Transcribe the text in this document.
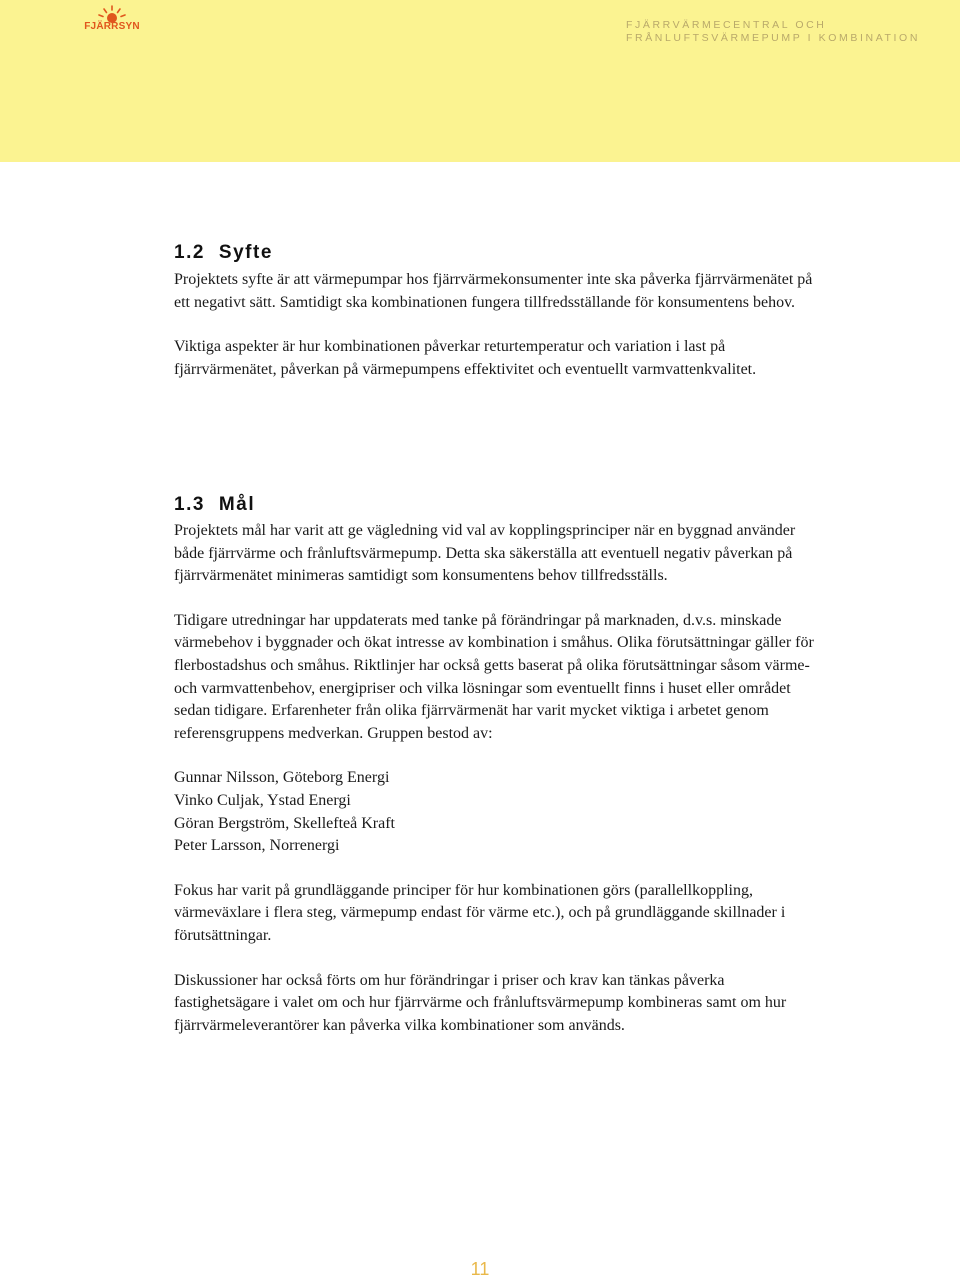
FJÄRRSYN	FJÄRRVÄRMECENTRAL OCH
FRÅNLUFTSVÄRMEPUMP I KOMBINATION
1.2 Syfte

Projektets syfte är att värmepumpar hos fjärrvärmekonsumenter inte ska påverka fjärrvärmenätet på ett negativt sätt. Samtidigt ska kombinationen fungera tillfredsställande för konsumentens behov.

Viktiga aspekter är hur kombinationen påverkar returtemperatur och variation i last på fjärrvärmenätet, påverkan på värmepumpens effektivitet och eventuellt varmvattenkvalitet.

1.3 Mål

Projektets mål har varit att ge vägledning vid val av kopplingsprinciper när en byggnad använder både fjärrvärme och frånluftsvärmepump. Detta ska säkerställa att eventuell negativ påverkan på fjärrvärmenätet minimeras samtidigt som konsumentens behov tillfredsställs.

Tidigare utredningar har uppdaterats med tanke på förändringar på marknaden, d.v.s. minskade värmebehov i byggnader och ökat intresse av kombination i småhus. Olika förutsättningar gäller för flerbostadshus och småhus. Riktlinjer har också getts baserat på olika förutsättningar såsom värme- och varmvattenbehov, energipriser och vilka lösningar som eventuellt finns i huset eller området sedan tidigare. Erfarenheter från olika fjärrvärmenät har varit mycket viktiga i arbetet genom referensgruppens medverkan. Gruppen bestod av:

Gunnar Nilsson, Göteborg Energi

Vinko Culjak, Ystad Energi

Göran Bergström, Skellefteå Kraft

Peter Larsson, Norrenergi

Fokus har varit på grundläggande principer för hur kombinationen görs (parallellkoppling, värmeväxlare i flera steg, värmepump endast för värme etc.), och på grundläggande skillnader i förutsättningar.

Diskussioner har också förts om hur förändringar i priser och krav kan tänkas påverka fastighetsägare i valet om och hur fjärrvärme och frånluftsvärmepump kombineras samt om hur fjärrvärmeleverantörer kan påverka vilka kombinationer som används.

11
